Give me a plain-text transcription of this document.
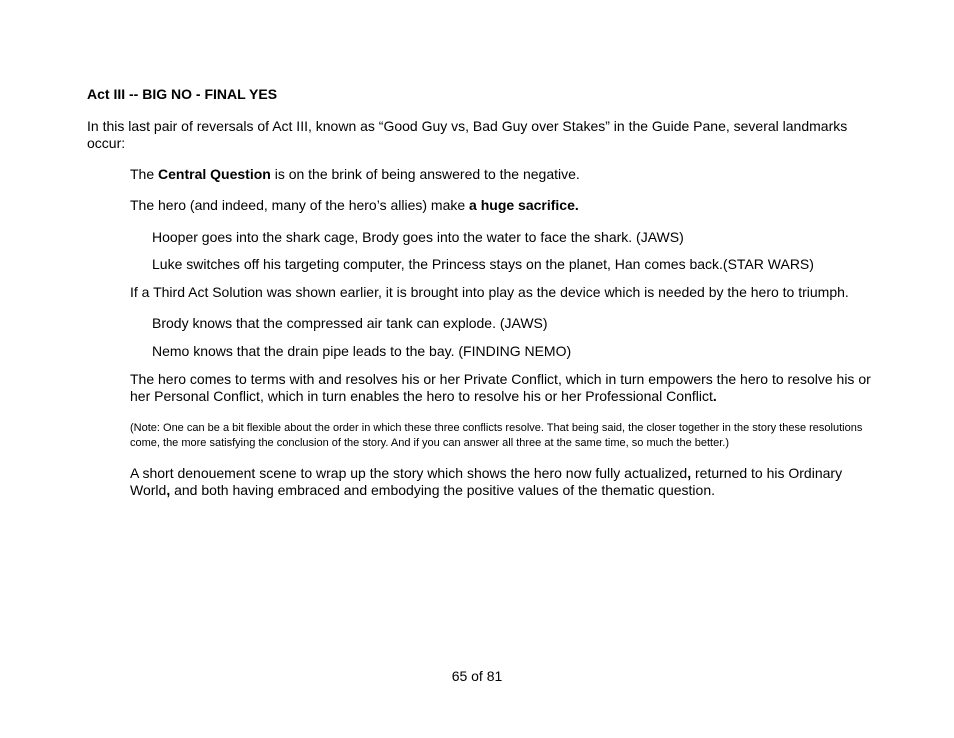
Act III -- BIG NO - FINAL YES
In this last pair of reversals of Act III, known as “Good Guy vs, Bad Guy over Stakes” in the Guide Pane, several landmarks occur:
The Central Question is on the brink of being answered to the negative.
The hero (and indeed, many of the hero’s allies) make a huge sacrifice.
Hooper goes into the shark cage, Brody goes into the water to face the shark. (JAWS)
Luke switches off his targeting computer, the Princess stays on the planet, Han comes back.(STAR WARS)
If a Third Act Solution was shown earlier, it is brought into play as the device which is needed by the hero to triumph.
Brody knows that the compressed air tank can explode. (JAWS)
Nemo knows that the drain pipe leads to the bay. (FINDING NEMO)
The hero comes to terms with and resolves his or her Private Conflict, which in turn empowers the hero to resolve his or her Personal Conflict, which in turn enables the hero to resolve his or her Professional Conflict.
(Note: One can be a bit flexible about the order in which these three conflicts resolve. That being said, the closer together in the story these resolutions come, the more satisfying the conclusion of the story. And if you can answer all three at the same time, so much the better.)
A short denouement scene to wrap up the story which shows the hero now fully actualized, returned to his Ordinary World, and both having embraced and embodying the positive values of the thematic question.
65 of 81
